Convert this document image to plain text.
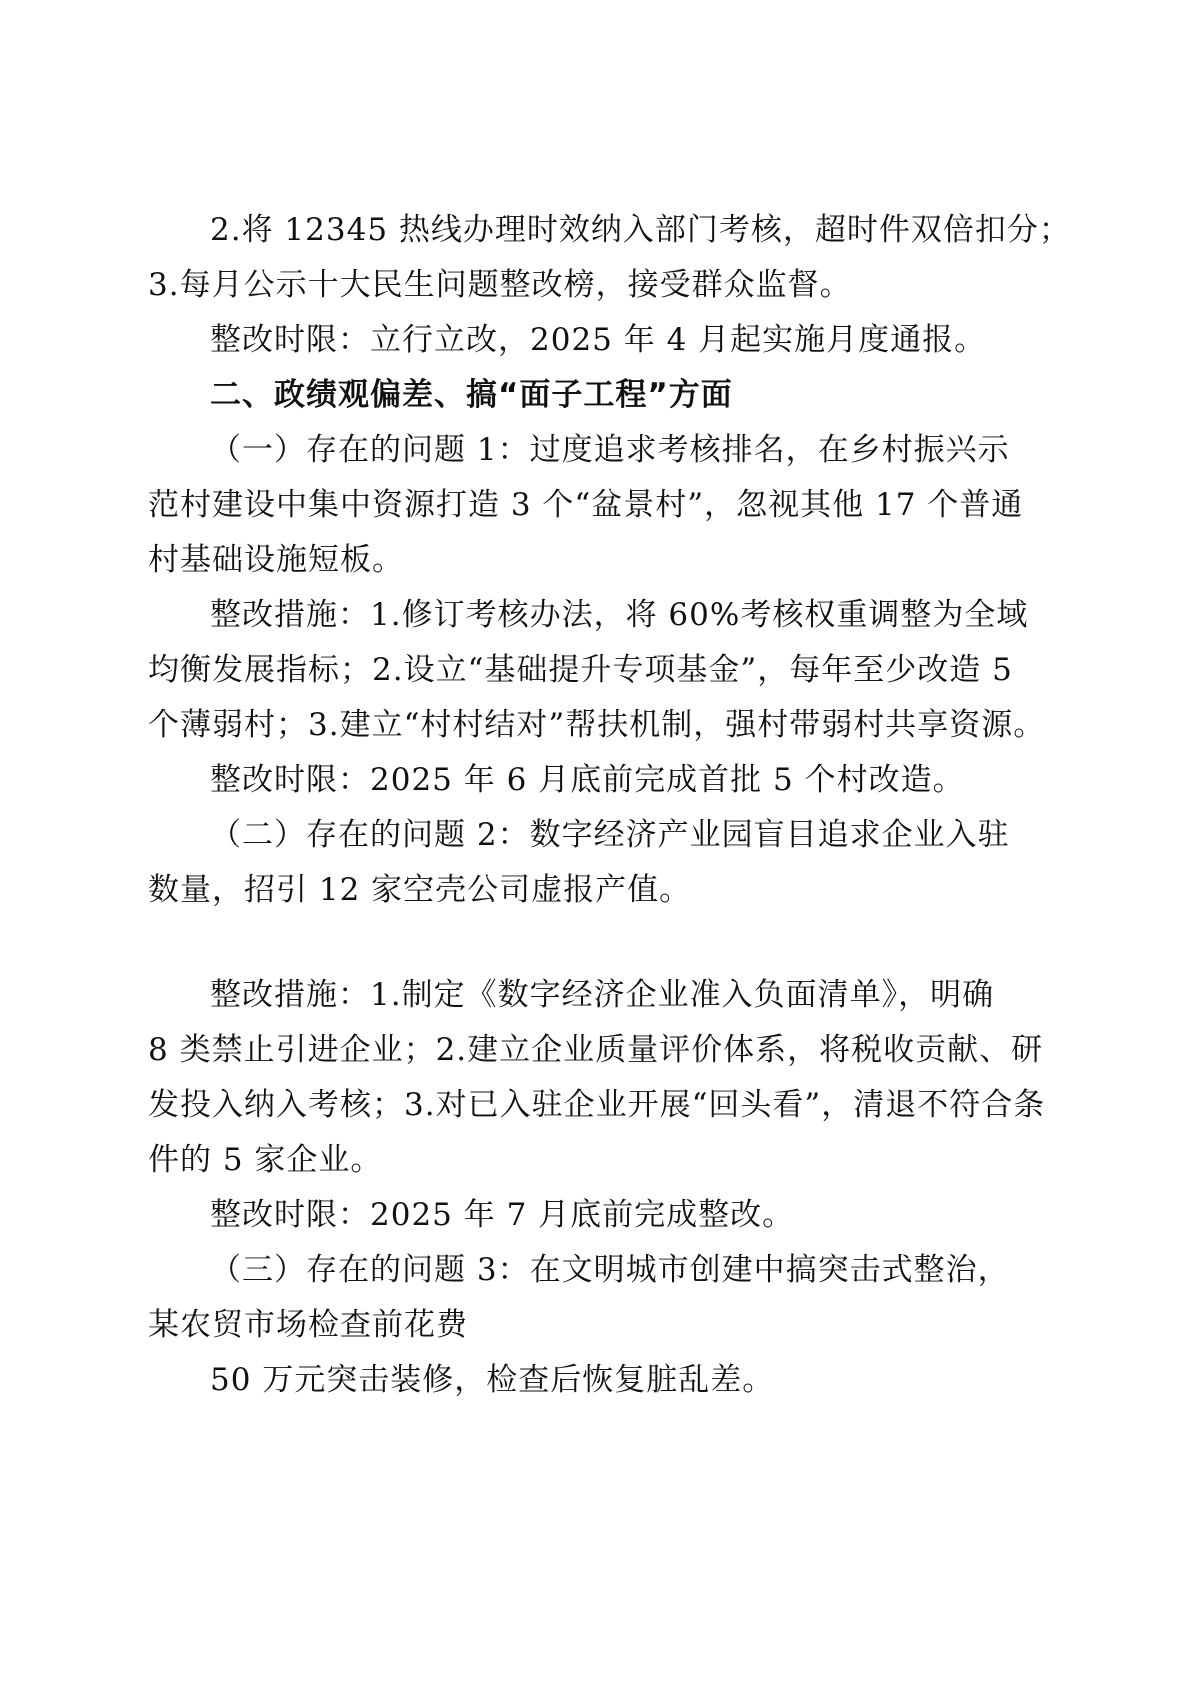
2.将 12345 热线办理时效纳入部门考核，超时件双倍扣分；
3.每月公示十大民生问题整改榜，接受群众监督。
整改时限：立行立改，2025 年 4 月起实施月度通报。
二、政绩观偏差、搞“面子工程”方面
（一）存在的问题 1：过度追求考核排名，在乡村振兴示
范村建设中集中资源打造 3 个“盆景村”，忽视其他 17 个普通
村基础设施短板。
整改措施：1.修订考核办法，将 60%考核权重调整为全域
均衡发展指标；2.设立“基础提升专项基金”，每年至少改造 5
个薄弱村；3.建立“村村结对”帮扶机制，强村带弱村共享资源。
整改时限：2025 年 6 月底前完成首批 5 个村改造。
（二）存在的问题 2：数字经济产业园盲目追求企业入驻
数量，招引 12 家空壳公司虚报产值。
整改措施：1.制定《数字经济企业准入负面清单》，明确
8 类禁止引进企业；2.建立企业质量评价体系，将税收贡献、研
发投入纳入考核；3.对已入驻企业开展“回头看”，清退不符合条
件的 5 家企业。
整改时限：2025 年 7 月底前完成整改。
（三）存在的问题 3：在文明城市创建中搞突击式整治，
某农贸市场检查前花费
50 万元突击装修，检查后恢复脏乱差。
